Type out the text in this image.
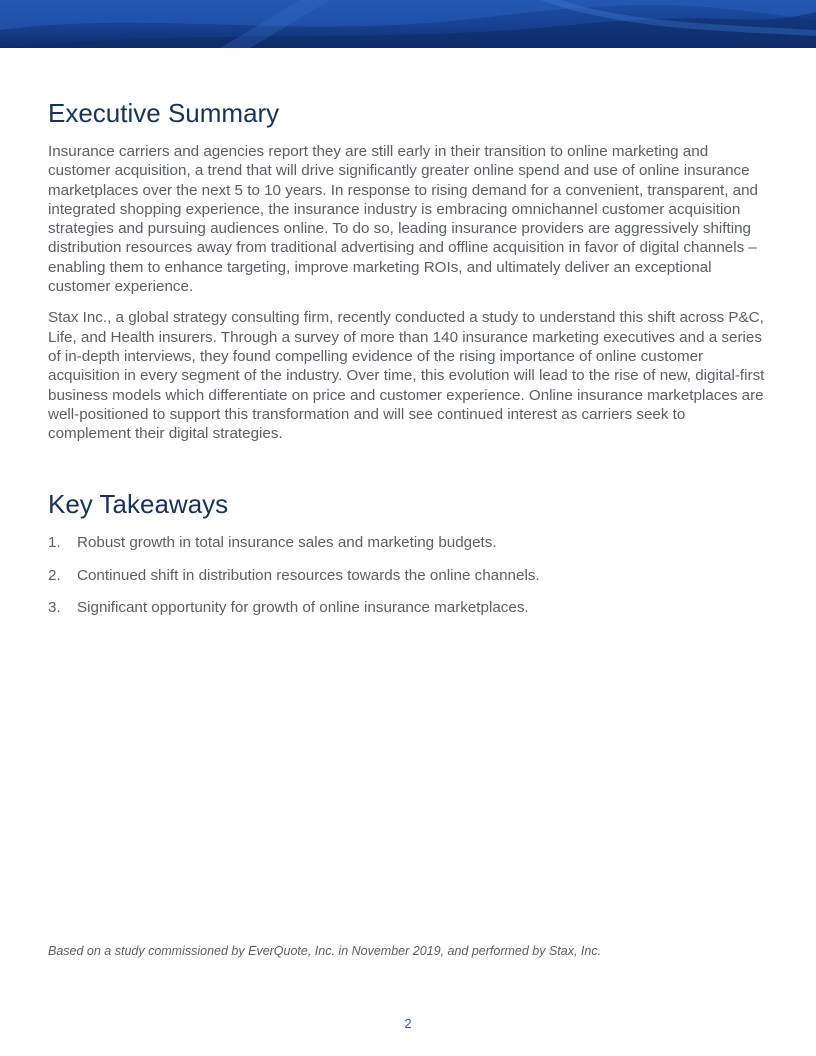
Executive Summary

Insurance carriers and agencies report they are still early in their transition to online marketing and customer acquisition, a trend that will drive significantly greater online spend and use of online insurance marketplaces over the next 5 to 10 years. In response to rising demand for a convenient, transparent, and integrated shopping experience, the insurance industry is embracing omnichannel customer acquisition strategies and pursuing audiences online. To do so, leading insurance providers are aggressively shifting distribution resources away from traditional advertising and offline acquisition in favor of digital channels – enabling them to enhance targeting, improve marketing ROIs, and ultimately deliver an exceptional customer experience.

Stax Inc., a global strategy consulting firm, recently conducted a study to understand this shift across P&C, Life, and Health insurers. Through a survey of more than 140 insurance marketing executives and a series of in-depth interviews, they found compelling evidence of the rising importance of online customer acquisition in every segment of the industry. Over time, this evolution will lead to the rise of new, digital-first business models which differentiate on price and customer experience. Online insurance marketplaces are well-positioned to support this transformation and will see continued interest as carriers seek to complement their digital strategies.

Key Takeaways
1.	Robust growth in total insurance sales and marketing budgets.
2.	Continued shift in distribution resources towards the online channels.
3.	Significant opportunity for growth of online insurance marketplaces.
Based on a study commissioned by EverQuote, Inc. in November 2019, and performed by Stax, Inc.
2
